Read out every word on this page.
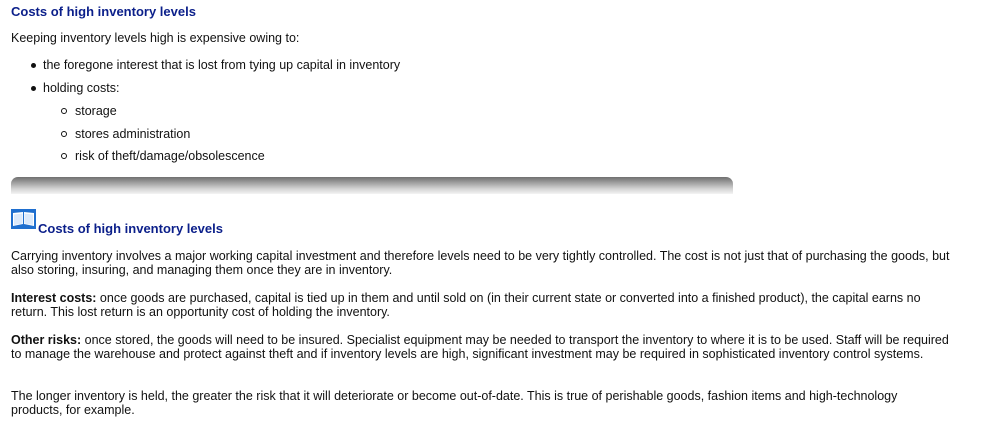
Costs of high inventory levels

Keeping inventory levels high is expensive owing to:

the foregone interest that is lost from tying up capital in inventory
holding costs:
storage
stores administration
risk of theft/damage/obsolescence
Costs of high inventory levels

Carrying inventory involves a major working capital investment and therefore levels need to be very tightly controlled. The cost is not just that of purchasing the goods, but also storing, insuring, and managing them once they are in inventory.

Interest costs: once goods are purchased, capital is tied up in them and until sold on (in their current state or converted into a finished product), the capital earns no return. This lost return is an opportunity cost of holding the inventory.

Other risks: once stored, the goods will need to be insured. Specialist equipment may be needed to transport the inventory to where it is to be used. Staff will be required to manage the warehouse and protect against theft and if inventory levels are high, significant investment may be required in sophisticated inventory control systems.

The longer inventory is held, the greater the risk that it will deteriorate or become out-of-date. This is true of perishable goods, fashion items and high-technology products, for example.
